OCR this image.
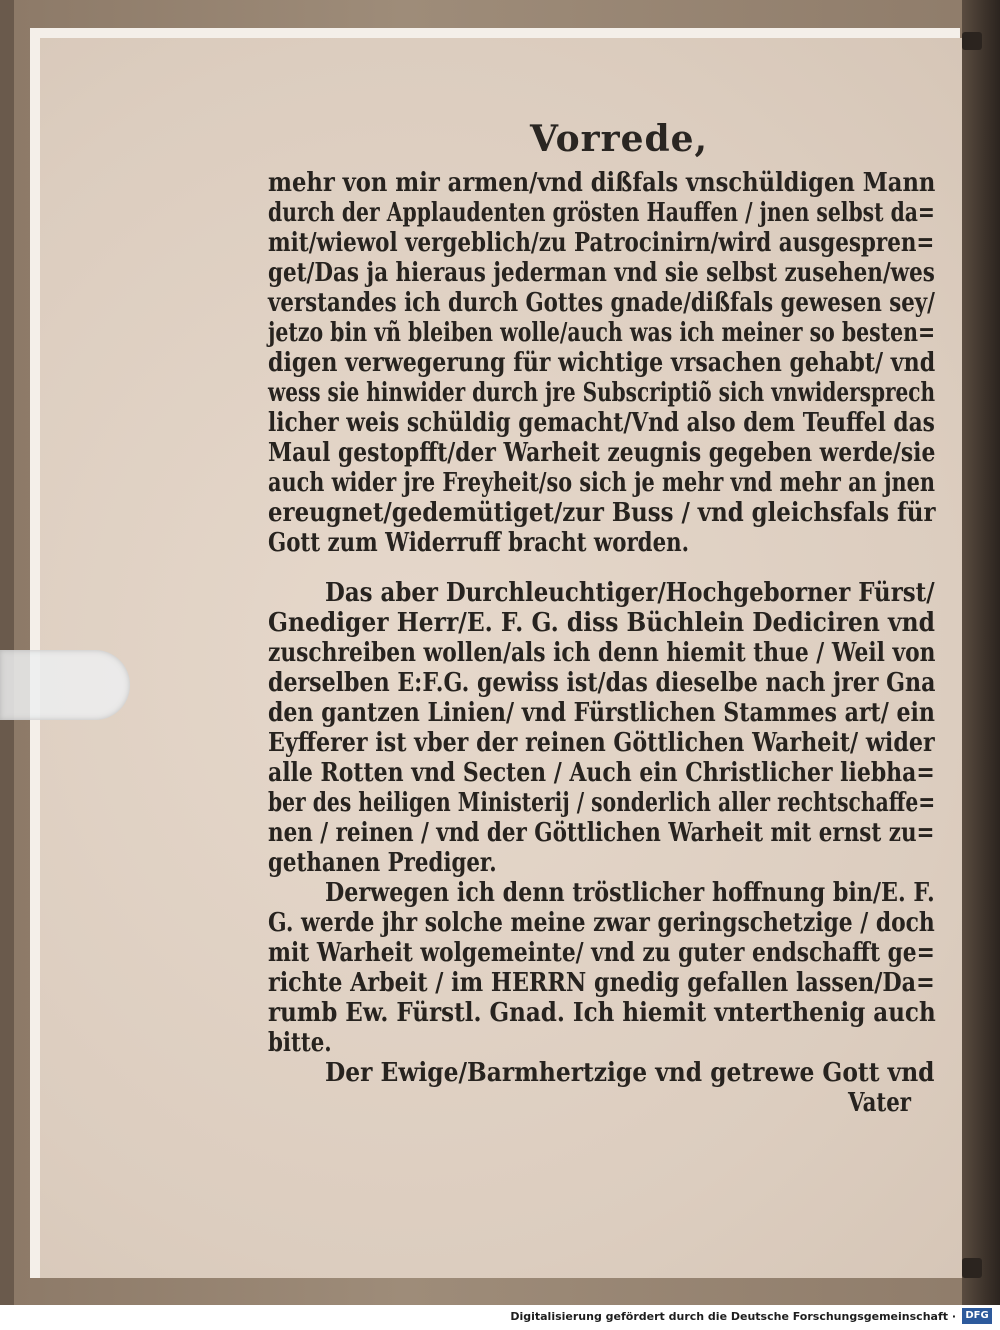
Vorrede,
mehr von mir armen/vnd dißfals vnschüldigen Mann
durch der Applaudenten grösten Hauffen / jnen selbst da=
mit/wiewol vergeblich/zu Patrocinirn/wird ausgespren=
get/Das ja hieraus jederman vnd sie selbst zusehen/wes
verstandes ich durch Gottes gnade/dißfals gewesen sey/
jetzo bin vñ bleiben wolle/auch was ich meiner so besten=
digen verwegerung für wichtige vrsachen gehabt/ vnd
wess sie hinwider durch jre Subscriptiõ sich vnwidersprech
licher weis schüldig gemacht/Vnd also dem Teuffel das
Maul gestopfft/der Warheit zeugnis gegeben werde/sie
auch wider jre Freyheit/so sich je mehr vnd mehr an jnen
ereugnet/gedemütiget/zur Buss / vnd gleichsfals für
Gott zum Widerruff bracht worden.
Das aber Durchleuchtiger/Hochgeborner Fürst/
Gnediger Herr/E. F. G. diss Büchlein Dediciren vnd
zuschreiben wollen/als ich denn hiemit thue / Weil von
derselben E:F.G. gewiss ist/das dieselbe nach jrer Gna
den gantzen Linien/ vnd Fürstlichen Stammes art/ ein
Eyfferer ist vber der reinen Göttlichen Warheit/ wider
alle Rotten vnd Secten / Auch ein Christlicher liebha=
ber des heiligen Ministerij / sonderlich aller rechtschaffe=
nen / reinen / vnd der Göttlichen Warheit mit ernst zu=
gethanen Prediger.
Derwegen ich denn tröstlicher hoffnung bin/E. F.
G. werde jhr solche meine zwar geringschetzige / doch
mit Warheit wolgemeinte/ vnd zu guter endschafft ge=
richte Arbeit / im HERRN gnedig gefallen lassen/Da=
rumb Ew. Fürstl. Gnad. Ich hiemit vnterthenig auch
bitte.
Der Ewige/Barmhertzige vnd getrewe Gott vnd
Vater
Digitalisierung gefördert durch die Deutsche Forschungsgemeinschaft · DFG
